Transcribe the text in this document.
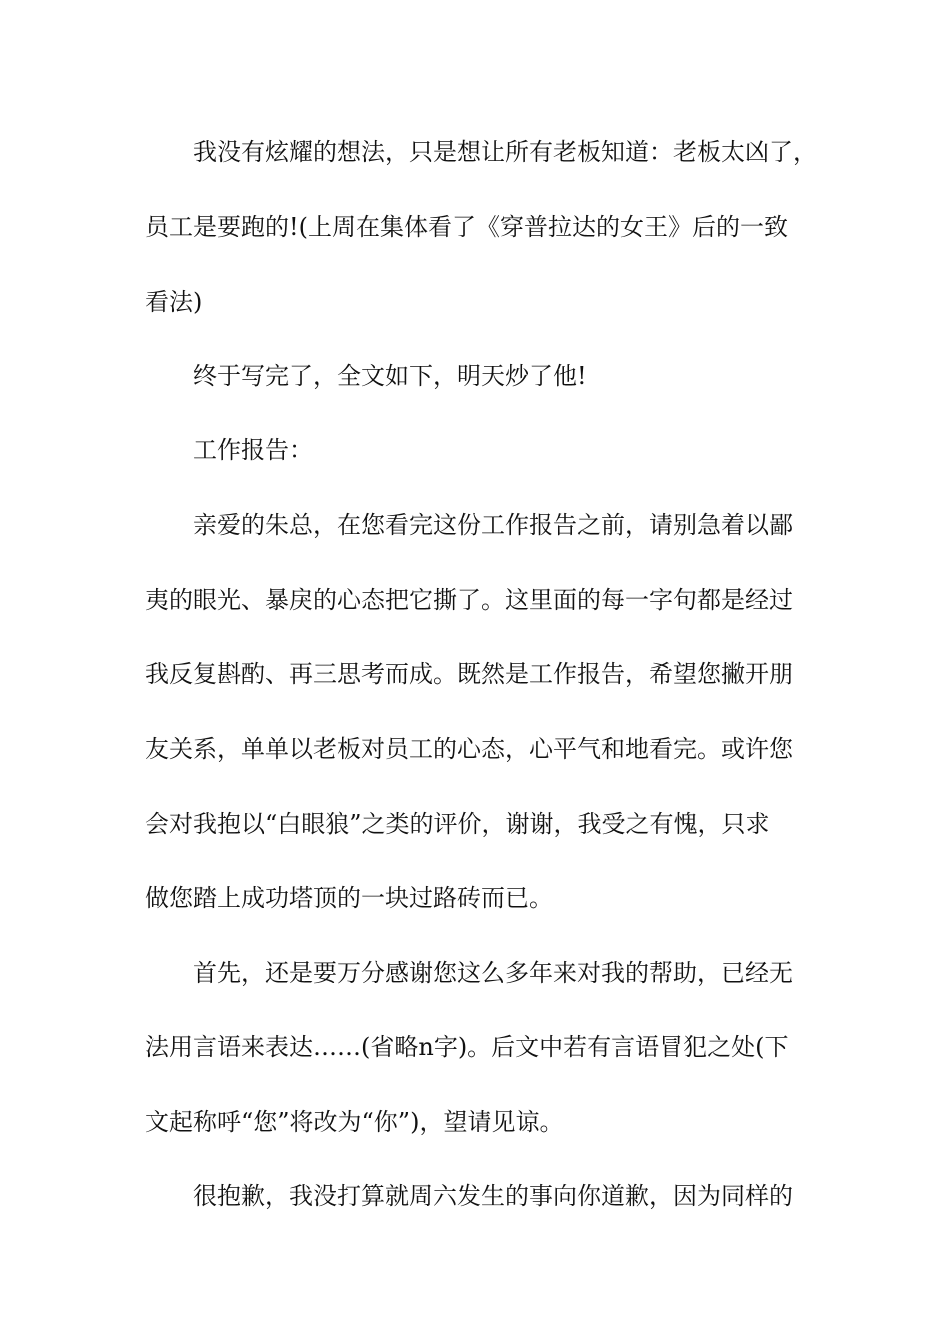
　　我没有炫耀的想法，只是想让所有老板知道：老板太凶了，

员工是要跑的!(上周在集体看了《穿普拉达的女王》后的一致

看法)

　　终于写完了，全文如下，明天炒了他!

　　工作报告：

　　亲爱的朱总，在您看完这份工作报告之前，请别急着以鄙

夷的眼光、暴戾的心态把它撕了。这里面的每一字句都是经过

我反复斟酌、再三思考而成。既然是工作报告，希望您撇开朋

友关系，单单以老板对员工的心态，心平气和地看完。或许您

会对我抱以“白眼狼”之类的评价，谢谢，我受之有愧，只求

做您踏上成功塔顶的一块过路砖而已。

　　首先，还是要万分感谢您这么多年来对我的帮助，已经无

法用言语来表达……(省略n字)。后文中若有言语冒犯之处(下

文起称呼“您”将改为“你”)，望请见谅。

　　很抱歉，我没打算就周六发生的事向你道歉，因为同样的
